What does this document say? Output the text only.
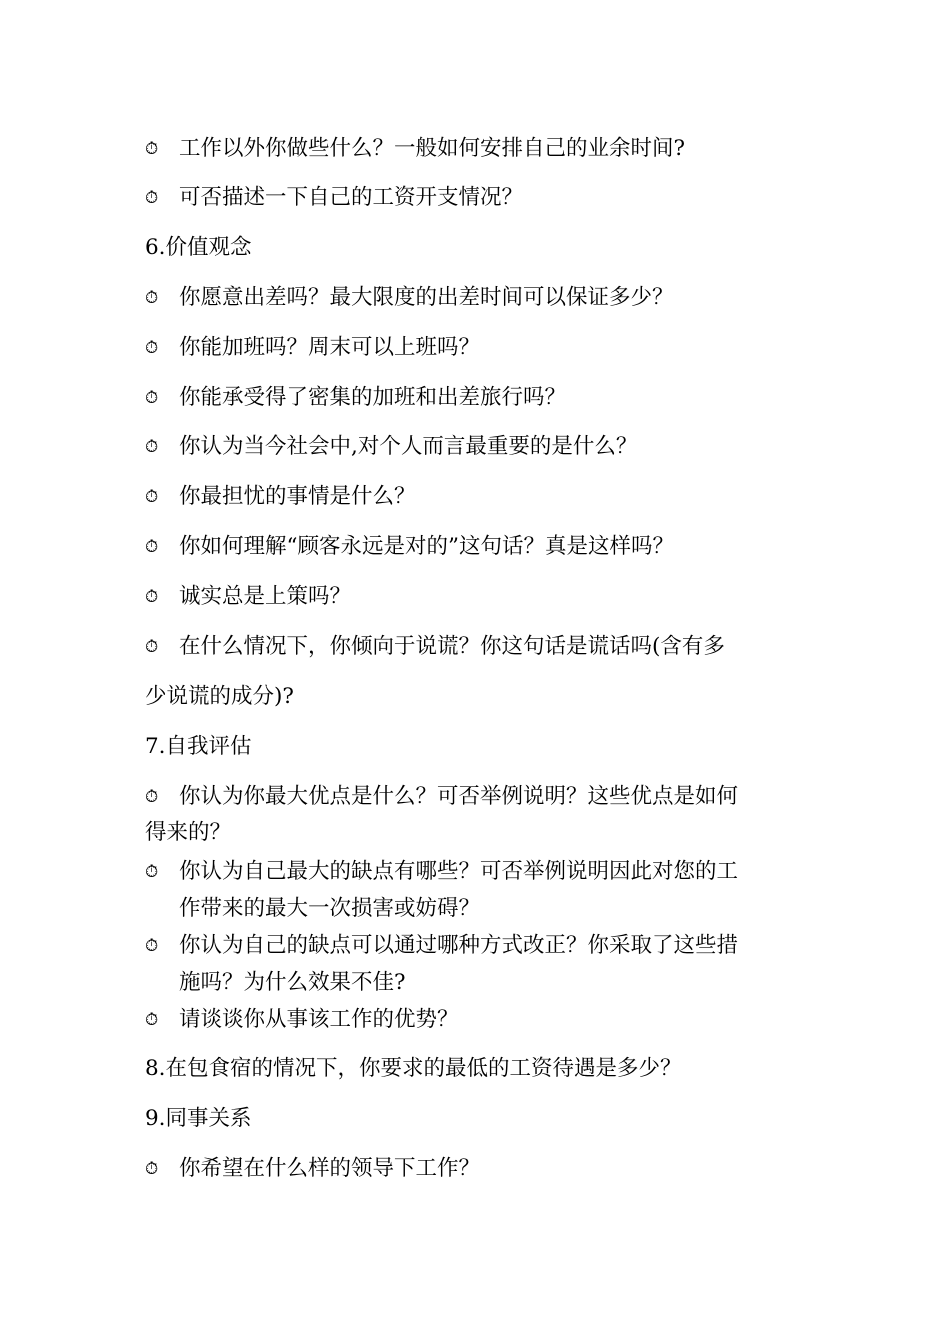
⏱ 工作以外你做些什么？一般如何安排自己的业余时间?
⏱ 可否描述一下自己的工资开支情况？
6.价值观念
⏱ 你愿意出差吗？最大限度的出差时间可以保证多少？
⏱ 你能加班吗？周末可以上班吗？
⏱ 你能承受得了密集的加班和出差旅行吗？
⏱ 你认为当今社会中,对个人而言最重要的是什么？
⏱ 你最担忧的事情是什么？
⏱ 你如何理解“顾客永远是对的”这句话？真是这样吗？
⏱ 诚实总是上策吗？
⏱ 在什么情况下，你倾向于说谎？你这句话是谎话吗(含有多
少说谎的成分)?
7.自我评估
⏱ 你认为你最大优点是什么？可否举例说明？这些优点是如何
得来的？
⏱ 你认为自己最大的缺点有哪些？可否举例说明因此对您的工
作带来的最大一次损害或妨碍？
⏱ 你认为自己的缺点可以通过哪种方式改正？你采取了这些措
施吗？为什么效果不佳?
⏱ 请谈谈你从事该工作的优势？
8.在包食宿的情况下，你要求的最低的工资待遇是多少？
9.同事关系
⏱ 你希望在什么样的领导下工作？
